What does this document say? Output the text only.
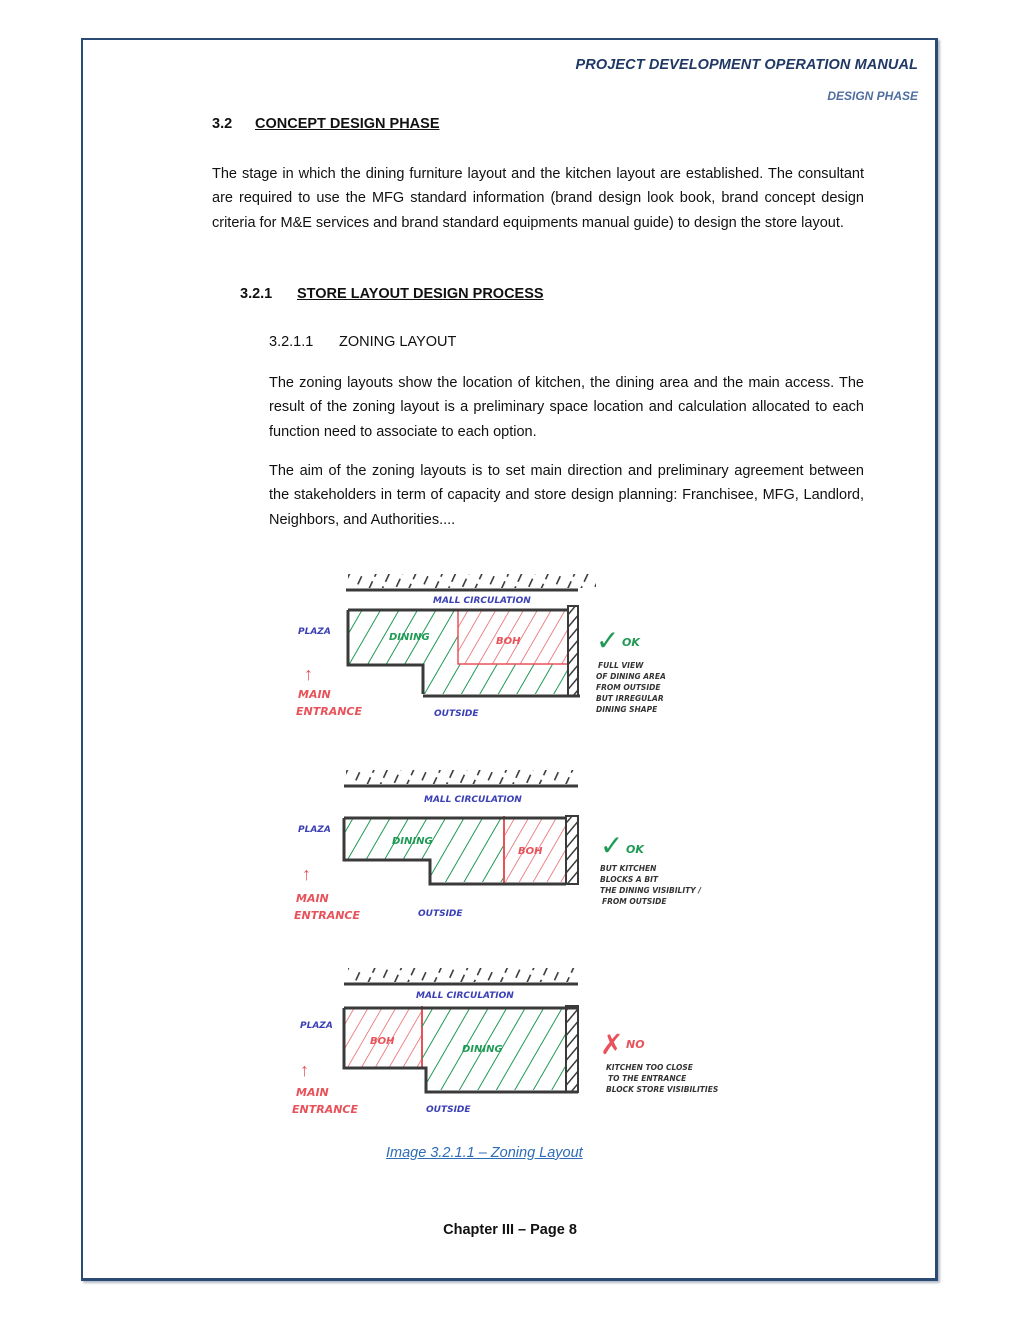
PROJECT DEVELOPMENT OPERATION MANUAL
DESIGN PHASE
3.2 CONCEPT DESIGN PHASE
The stage in which the dining furniture layout and the kitchen layout are established. The consultant are required to use the MFG standard information (brand design look book, brand concept design criteria for M&E services and brand standard equipments manual guide) to design the store layout.
3.2.1 STORE LAYOUT DESIGN PROCESS
3.2.1.1 ZONING LAYOUT
The zoning layouts show the location of kitchen, the dining area and the main access. The result of the zoning layout is a preliminary space location and calculation allocated to each function need to associate to each option.
The aim of the zoning layouts is to set main direction and preliminary agreement between the stakeholders in term of capacity and store design planning: Franchisee, MFG, Landlord, Neighbors, and Authorities....
MALL CIRCULATION
PLAZA	DINING	BOH
OUTSIDE
↑
MAIN
ENTRANCE
✓ OK
FULL VIEW
OF DINING AREA
FROM OUTSIDE
BUT IRREGULAR
DINING SHAPE
MALL CIRCULATION
PLAZA
DINING
BOH
OUTSIDE
↑
MAIN
ENTRANCE
✓ OK
BUT KITCHEN
BLOCKS A BIT
THE DINING VISIBILITY /
FROM OUTSIDE
MALL CIRCULATION
PLAZA
BOH
DINING
OUTSIDE
↑
MAIN
ENTRANCE
✗ NO
KITCHEN TOO CLOSE
TO THE ENTRANCE
BLOCK STORE VISIBILITIES
Image 3.2.1.1 – Zoning Layout
Chapter III – Page 8
